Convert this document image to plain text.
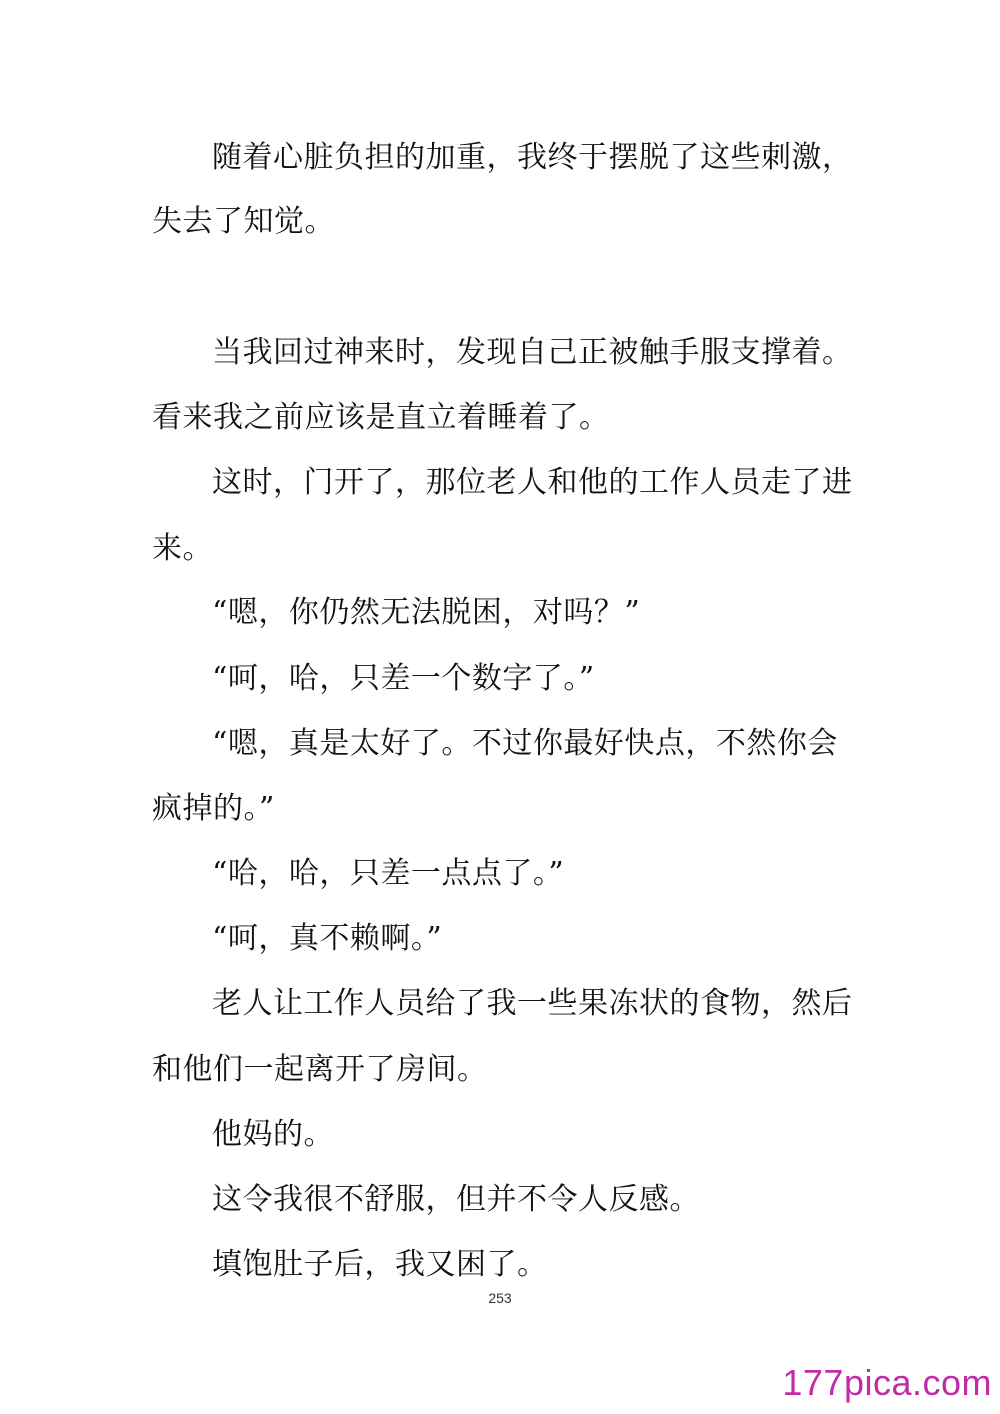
随着心脏负担的加重，我终于摆脱了这些刺激，
失去了知觉。
当我回过神来时，发现自己正被触手服支撑着。
看来我之前应该是直立着睡着了。
这时，门开了，那位老人和他的工作人员走了进
来。
“嗯，你仍然无法脱困，对吗？”
“呵，哈，只差一个数字了。”
“嗯，真是太好了。不过你最好快点，不然你会
疯掉的。”
“哈，哈，只差一点点了。”
“呵，真不赖啊。”
老人让工作人员给了我一些果冻状的食物，然后
和他们一起离开了房间。
他妈的。
这令我很不舒服，但并不令人反感。
填饱肚子后，我又困了。
253
177pica.com
